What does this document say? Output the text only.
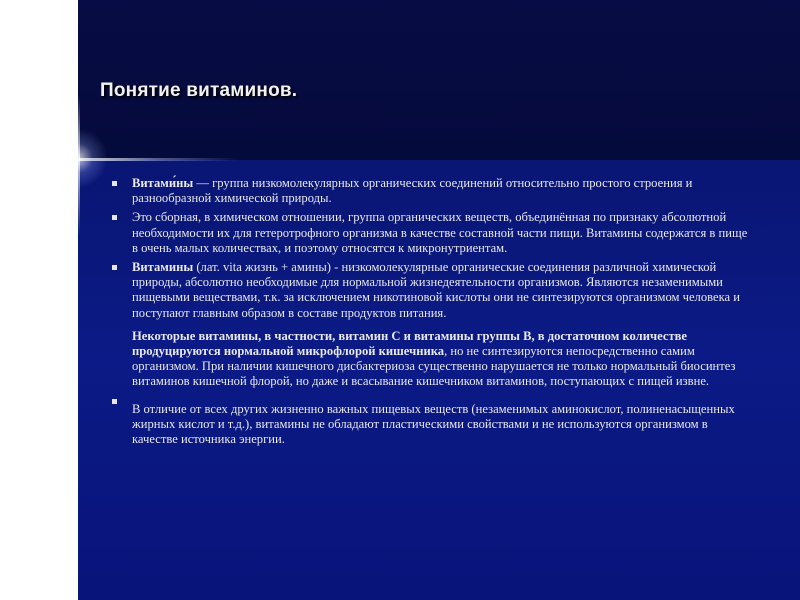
Понятие витаминов.
Витами́ны — группа низкомолекулярных органических соединений относительно простого строения и разнообразной химической природы.
Это сборная, в химическом отношении, группа органических веществ, объединённая по признаку абсолютной необходимости их для гетеротрофного организма в качестве составной части пищи. Витамины содержатся в пище в очень малых количествах, и поэтому относятся к микронутриентам.
Витамины (лат. vita жизнь + амины) - низкомолекулярные органические соединения различной химической природы, абсолютно необходимые для нормальной жизнедеятельности организмов. Являются незаменимыми пищевыми веществами, т.к. за исключением никотиновой кислоты они не синтезируются организмом человека и поступают главным образом в составе продуктов питания.
Некоторые витамины, в частности, витамин С и витамины группы В, в достаточном количестве продуцируются нормальной микрофлорой кишечника, но не синтезируются непосредственно самим организмом. При наличии кишечного дисбактериоза существенно нарушается не только нормальный биосинтез витаминов кишечной флорой, но даже и всасывание кишечником витаминов, поступающих с пищей извне.
В отличие от всех других жизненно важных пищевых веществ (незаменимых аминокислот, полиненасыщенных жирных кислот и т.д.), витамины не обладают пластическими свойствами и не используются организмом в качестве источника энергии.
